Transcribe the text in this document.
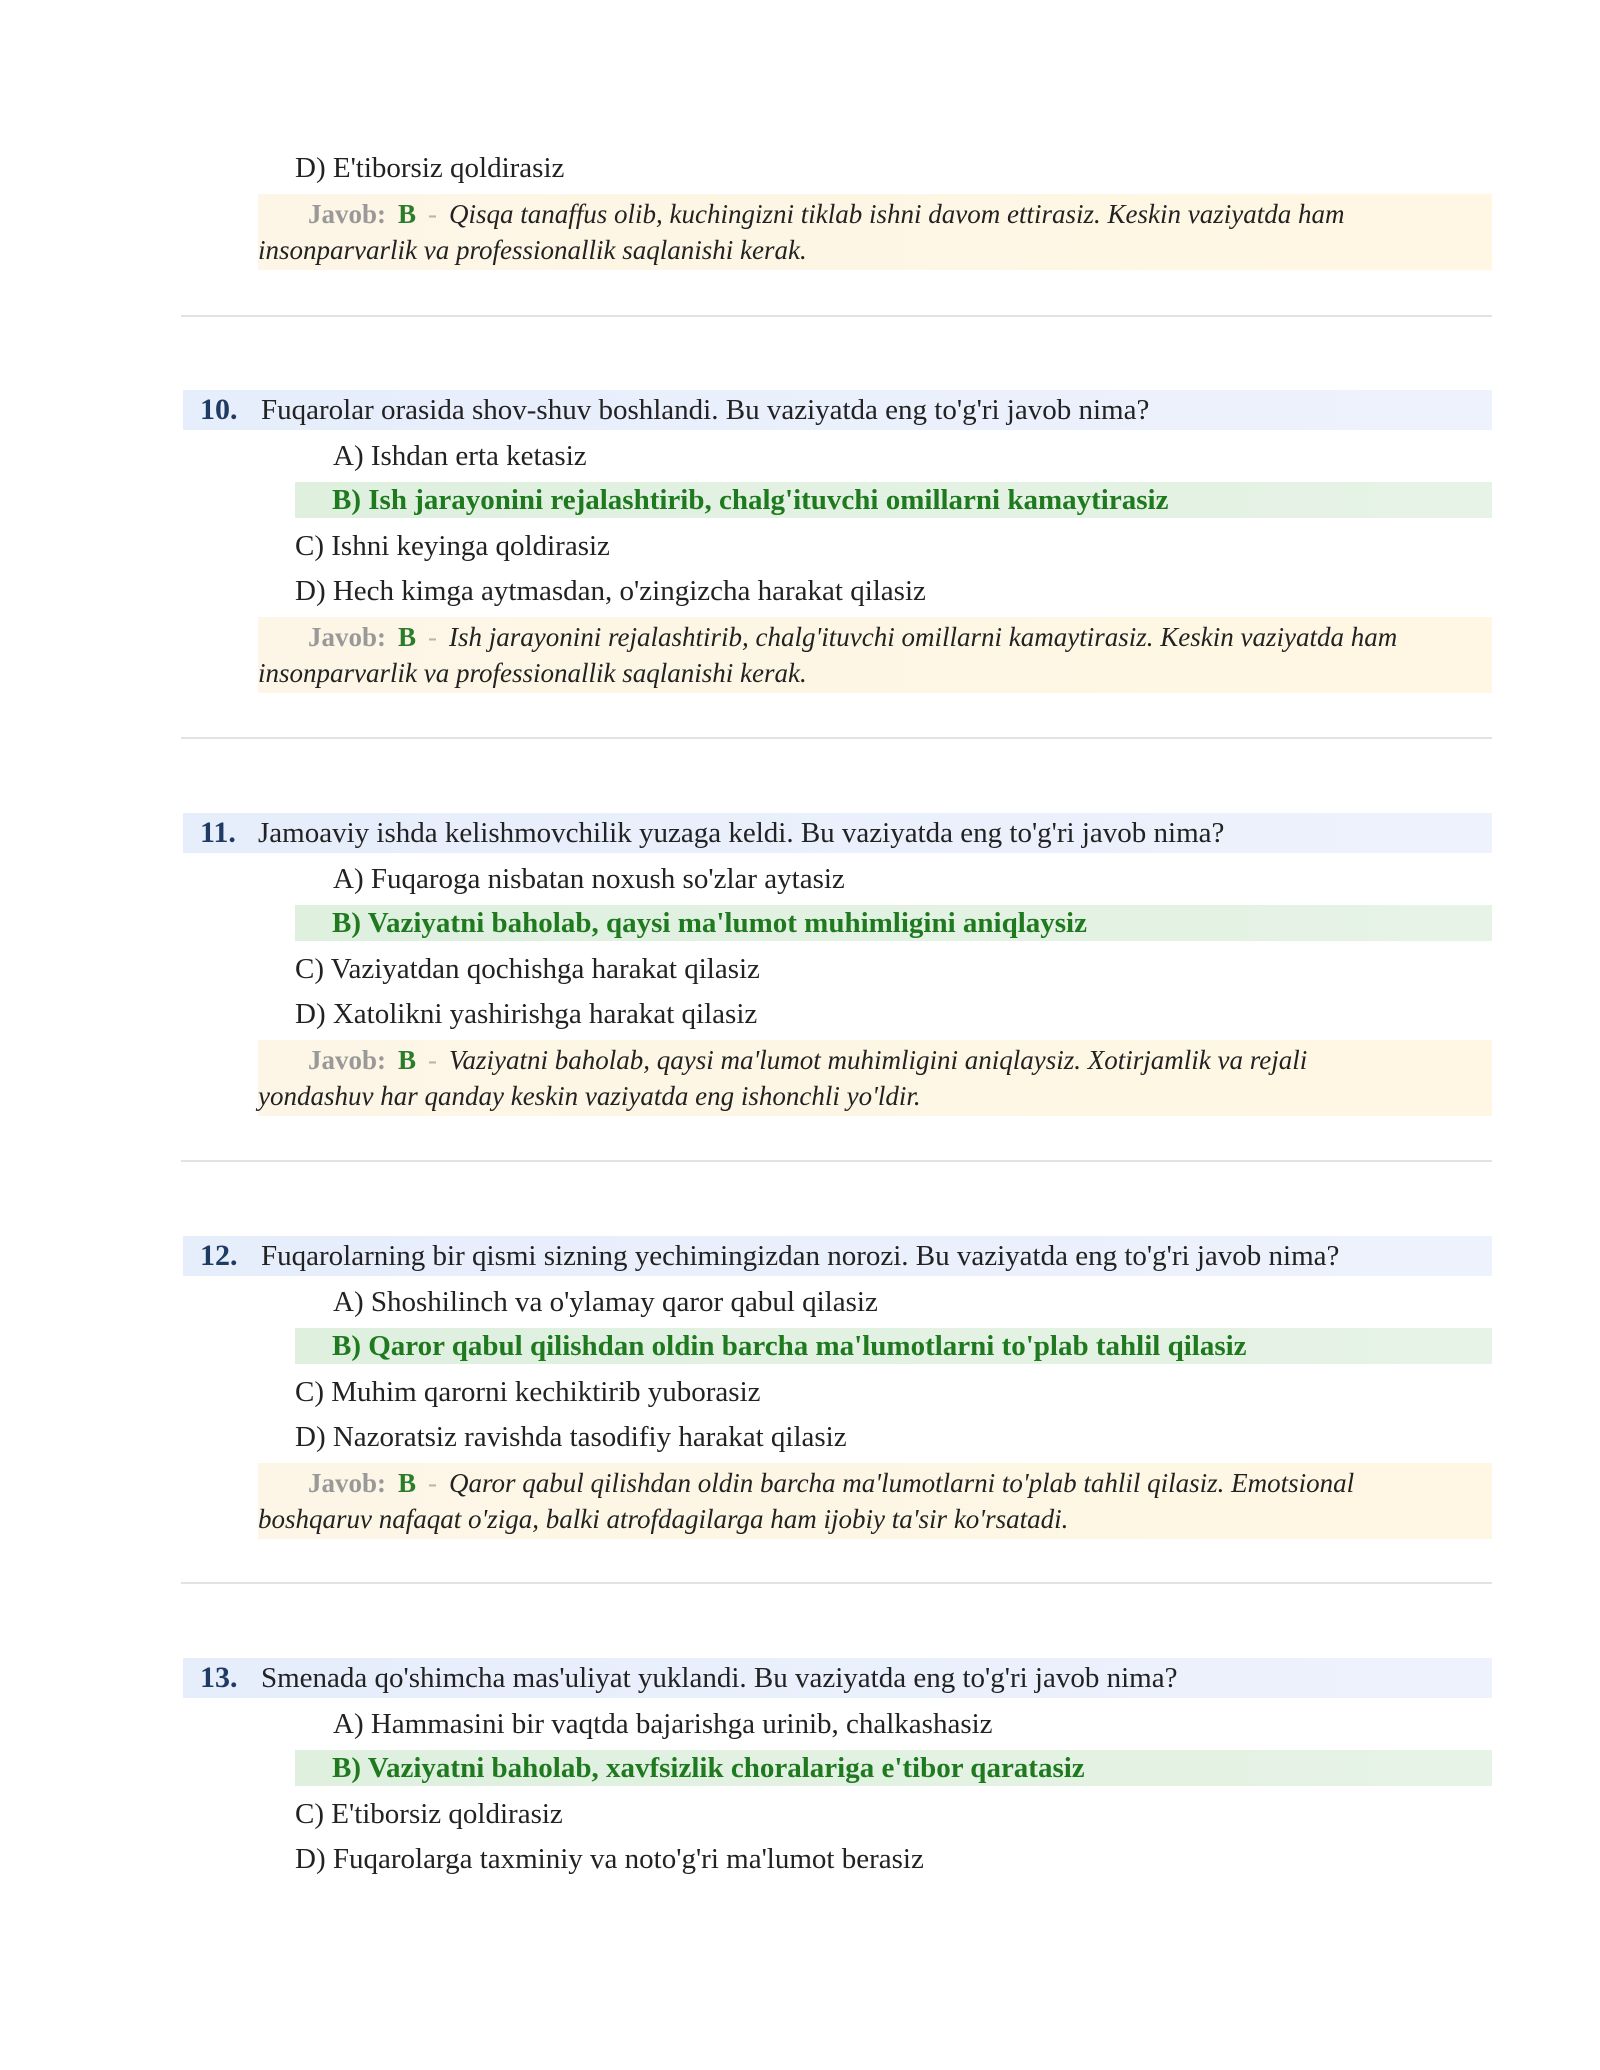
D) E'tiborsiz qoldirasiz
Javob: B - Qisqa tanaffus olib, kuchingizni tiklab ishni davom ettirasiz. Keskin vaziyatda ham
insonparvarlik va professionallik saqlanishi kerak.
10. Fuqarolar orasida shov-shuv boshlandi. Bu vaziyatda eng to'g'ri javob nima?
A) Ishdan erta ketasiz
B) Ish jarayonini rejalashtirib, chalg'ituvchi omillarni kamaytirasiz
C) Ishni keyinga qoldirasiz
D) Hech kimga aytmasdan, o'zingizcha harakat qilasiz
Javob: B - Ish jarayonini rejalashtirib, chalg'ituvchi omillarni kamaytirasiz. Keskin vaziyatda ham
insonparvarlik va professionallik saqlanishi kerak.
11. Jamoaviy ishda kelishmovchilik yuzaga keldi. Bu vaziyatda eng to'g'ri javob nima?
A) Fuqaroga nisbatan noxush so'zlar aytasiz
B) Vaziyatni baholab, qaysi ma'lumot muhimligini aniqlaysiz
C) Vaziyatdan qochishga harakat qilasiz
D) Xatolikni yashirishga harakat qilasiz
Javob: B - Vaziyatni baholab, qaysi ma'lumot muhimligini aniqlaysiz. Xotirjamlik va rejali
yondashuv har qanday keskin vaziyatda eng ishonchli yo'ldir.
12. Fuqarolarning bir qismi sizning yechimingizdan norozi. Bu vaziyatda eng to'g'ri javob nima?
A) Shoshilinch va o'ylamay qaror qabul qilasiz
B) Qaror qabul qilishdan oldin barcha ma'lumotlarni to'plab tahlil qilasiz
C) Muhim qarorni kechiktirib yuborasiz
D) Nazoratsiz ravishda tasodifiy harakat qilasiz
Javob: B - Qaror qabul qilishdan oldin barcha ma'lumotlarni to'plab tahlil qilasiz. Emotsional
boshqaruv nafaqat o'ziga, balki atrofdagilarga ham ijobiy ta'sir ko'rsatadi.
13. Smenada qo'shimcha mas'uliyat yuklandi. Bu vaziyatda eng to'g'ri javob nima?
A) Hammasini bir vaqtda bajarishga urinib, chalkashasiz
B) Vaziyatni baholab, xavfsizlik choralariga e'tibor qaratasiz
C) E'tiborsiz qoldirasiz
D) Fuqarolarga taxminiy va noto'g'ri ma'lumot berasiz
